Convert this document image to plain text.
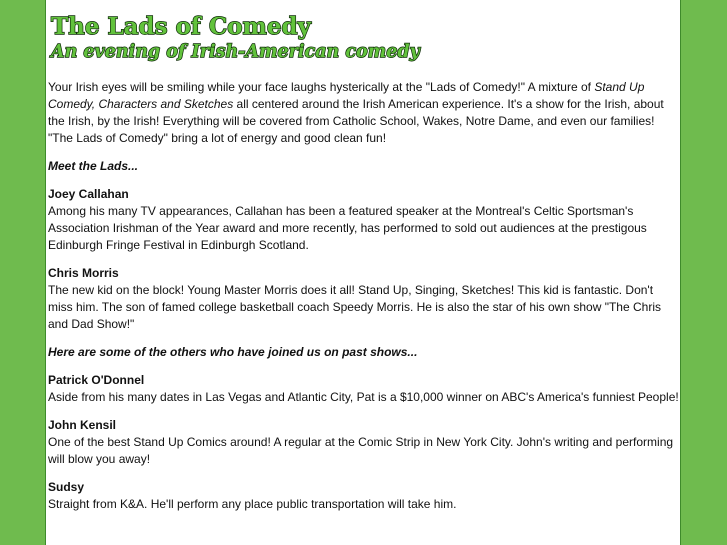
The Lads of Comedy
An evening of Irish-American comedy

Your Irish eyes will be smiling while your face laughs hysterically at the "Lads of Comedy!" A mixture of Stand Up Comedy, Characters and Sketches all centered around the Irish American experience. It's a show for the Irish, about the Irish, by the Irish! Everything will be covered from Catholic School, Wakes, Notre Dame, and even our families! "The Lads of Comedy" bring a lot of energy and good clean fun!

Meet the Lads...

Joey Callahan
Among his many TV appearances, Callahan has been a featured speaker at the Montreal's Celtic Sportsman's Association Irishman of the Year award and more recently, has performed to sold out audiences at the prestigous Edinburgh Fringe Festival in Edinburgh Scotland.

Chris Morris
The new kid on the block! Young Master Morris does it all! Stand Up, Singing, Sketches! This kid is fantastic. Don't miss him. The son of famed college basketball coach Speedy Morris. He is also the star of his own show "The Chris and Dad Show!"

Here are some of the others who have joined us on past shows...

Patrick O'Donnel
Aside from his many dates in Las Vegas and Atlantic City, Pat is a $10,000 winner on ABC's America's funniest People!

John Kensil
One of the best Stand Up Comics around! A regular at the Comic Strip in New York City. John's writing and performing will blow you away!

Sudsy
Straight from K&A. He'll perform any place public transportation will take him.
